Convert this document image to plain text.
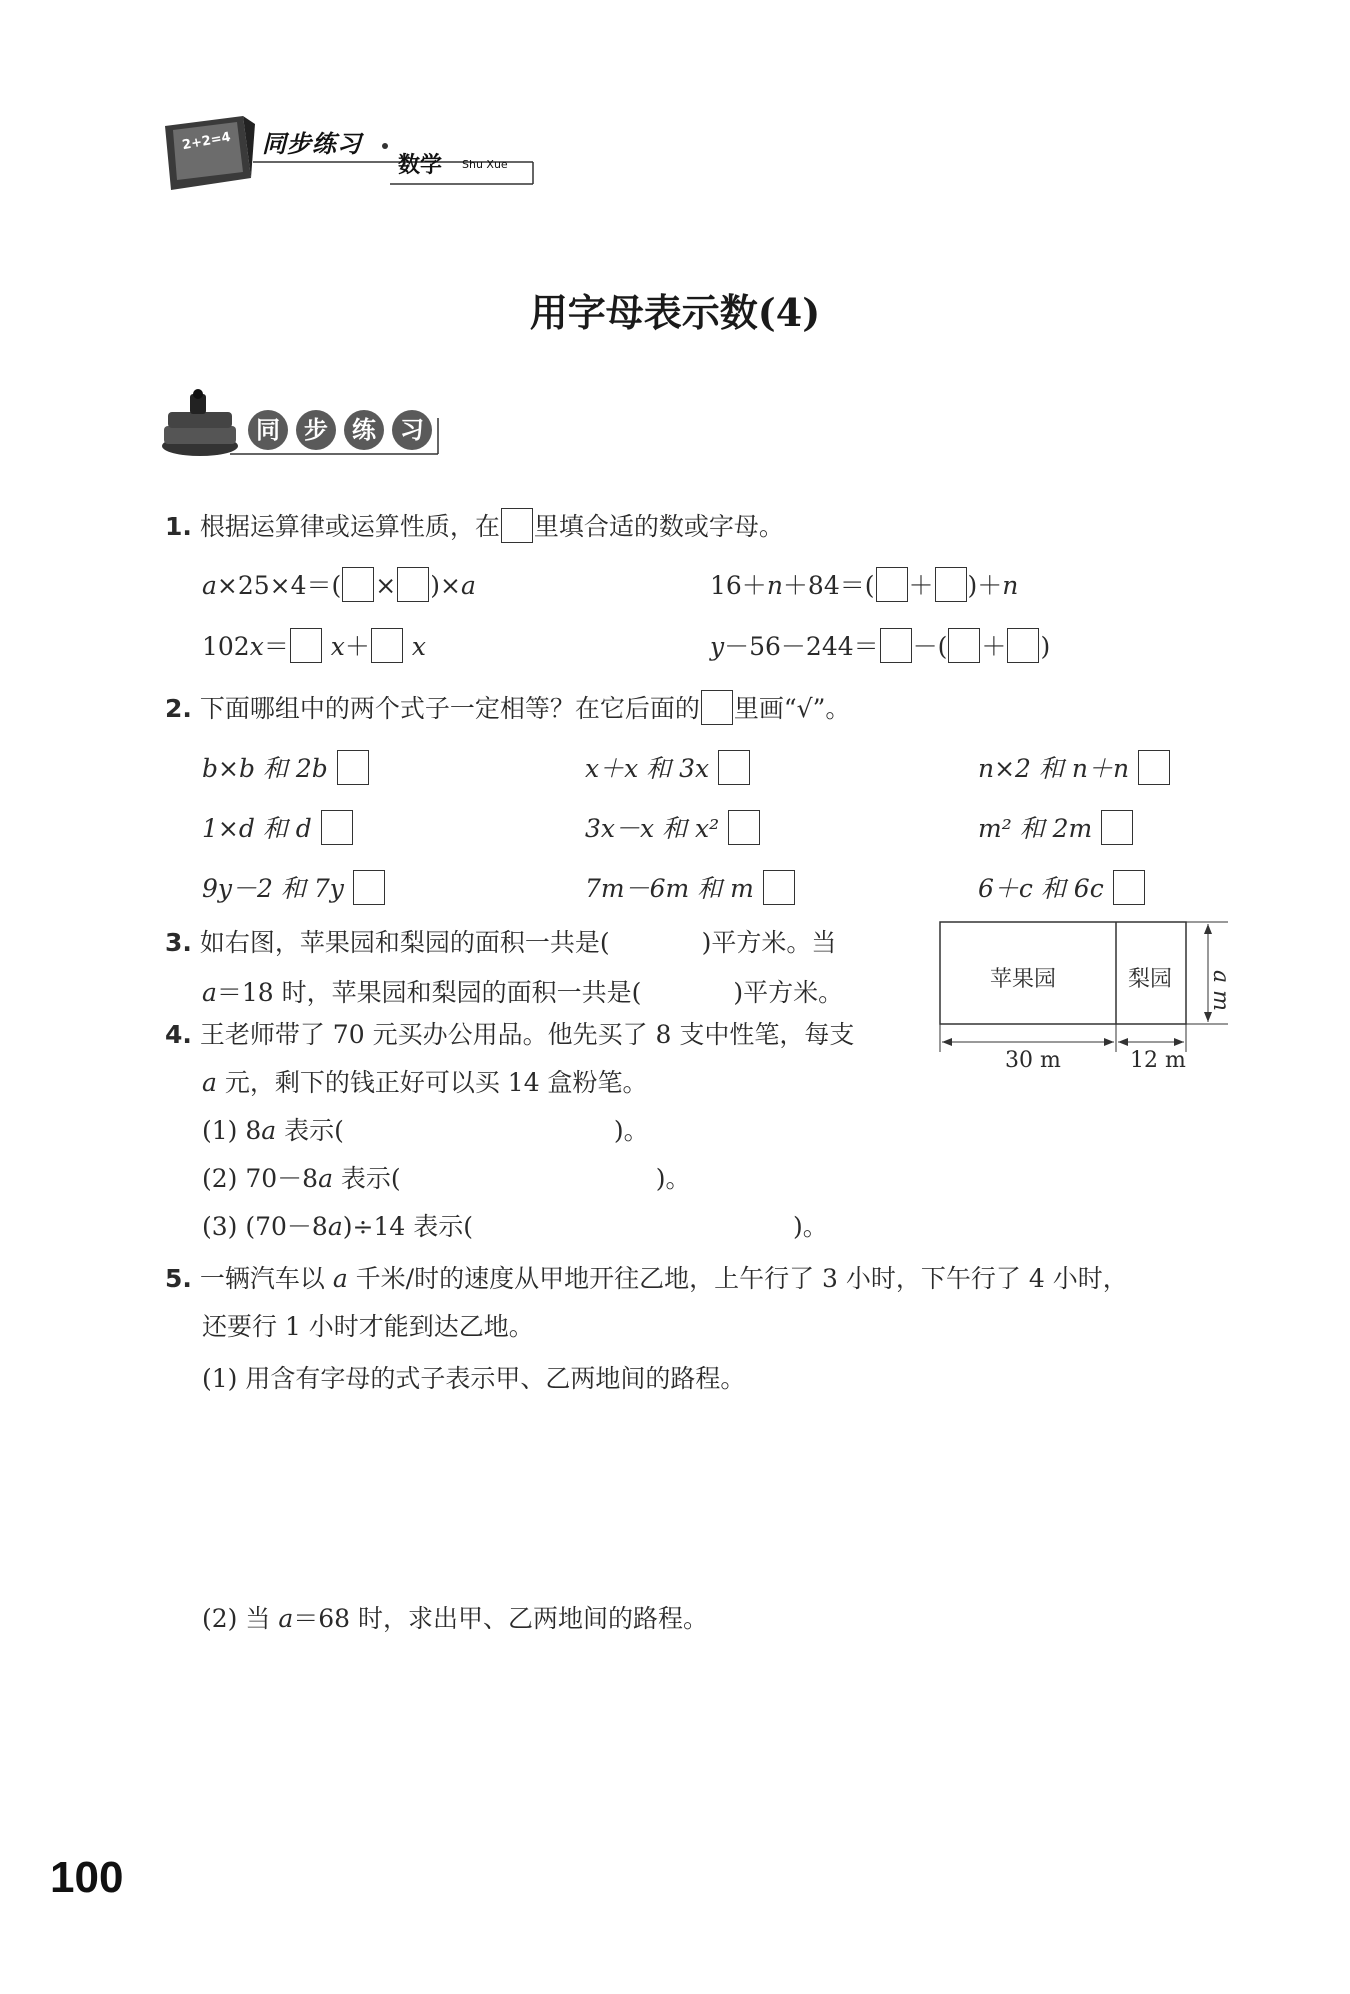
2+2=4 同步练习
数学 Shu Xue
用字母表示数(4)
同	步	练	习
1. 根据运算律或运算性质，在 里填合适的数或字母。
a×25×4＝( × )×a	16＋n＋84＝( ＋ )＋n
102x＝ x＋ x	y－56－244＝ －( ＋ )
2. 下面哪组中的两个式子一定相等？在它后面的 里画“√”。
b×b 和 2b	x＋x 和 3x	n×2 和 n＋n
1×d 和 d	3x－x 和 x²	m² 和 2m
9y－2 和 7y	7m－6m 和 m	6＋c 和 6c
3. 如右图，苹果园和梨园的面积一共是(	)平方米。当
a＝18 时，苹果园和梨园的面积一共是(	)平方米。	苹果园	梨园 a m
30 m	12 m
4. 王老师带了 70 元买办公用品。他先买了 8 支中性笔，每支
a 元，剩下的钱正好可以买 14 盒粉笔。
(1) 8a 表示(	)。
(2) 70－8a 表示(	)。
(3) (70－8a)÷14 表示(	)。
5. 一辆汽车以 a 千米/时的速度从甲地开往乙地，上午行了 3 小时，下午行了 4 小时，
还要行 1 小时才能到达乙地。
(1) 用含有字母的式子表示甲、乙两地间的路程。
(2) 当 a＝68 时，求出甲、乙两地间的路程。
100
